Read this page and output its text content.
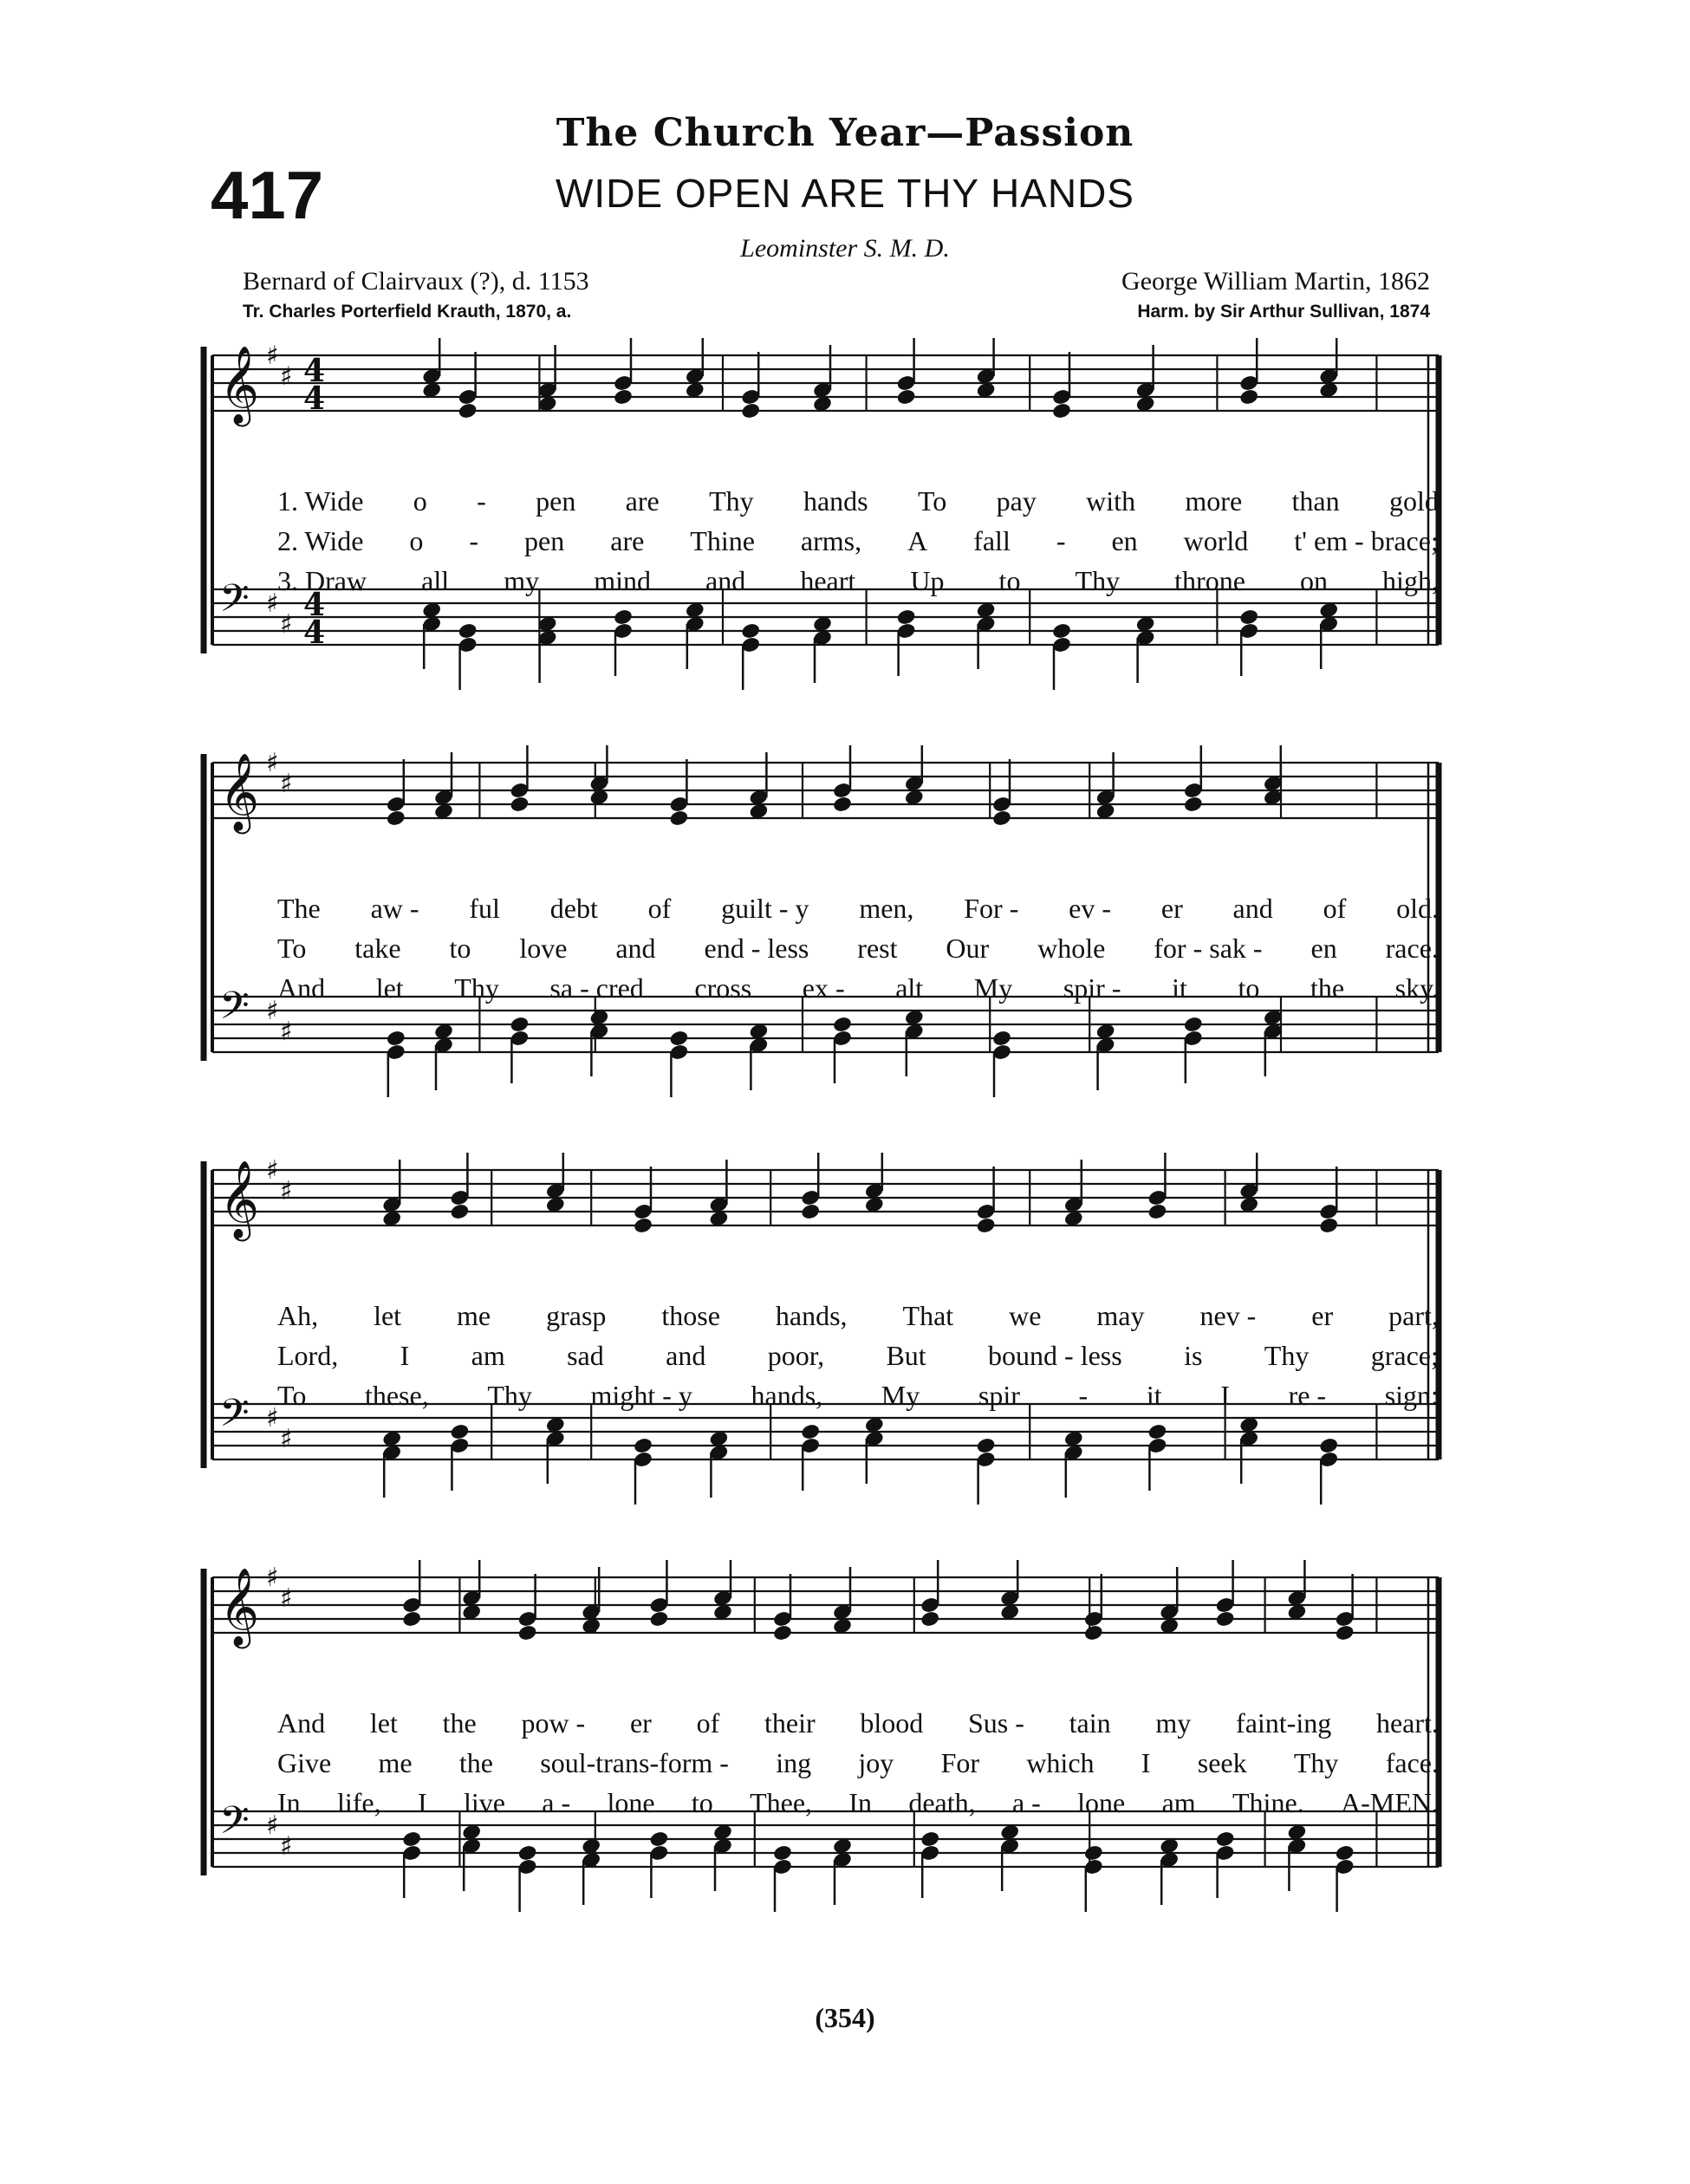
The Church Year—Passion
417	WIDE OPEN ARE THY HANDS
Leominster S. M. D.
Bernard of Clairvaux (?), d. 1153
Tr. Charles Porterfield Krauth, 1870, a.
George William Martin, 1862
Harm. by Sir Arthur Sullivan, 1874
𝄞 ♯
♯ 4
4
𝄢 ♯
♯
4
4
𝄞 ♯
♯
𝄢 ♯
♯
𝄞 ♯
♯
𝄢 ♯
♯
𝄞 ♯
♯
𝄢 ♯
♯
(354)
1. Wide o - pen are Thy hands To pay with more than gold
2. Wide o - pen are Thine arms, A fall - en world t' em - brace;
3. Draw all my mind and heart Up to Thy throne on high,
The aw - ful debt of guilt - y men, For - ev - er and of old.
To take to love and end - less rest Our whole for - sak - en race.
And let Thy sa - cred cross ex - alt My spir - it to the sky.
Ah, let me grasp those hands, That we may nev - er part,
Lord, I am sad and poor, But bound - less is Thy grace;
To these, Thy might - y hands, My spir - it I re - sign:
And let the pow - er of their blood Sus - tain my faint-ing heart.
Give me the soul-trans-form - ing joy For which I seek Thy face.
In life, I live a - lone to Thee, In death, a - lone am Thine. A-MEN.
